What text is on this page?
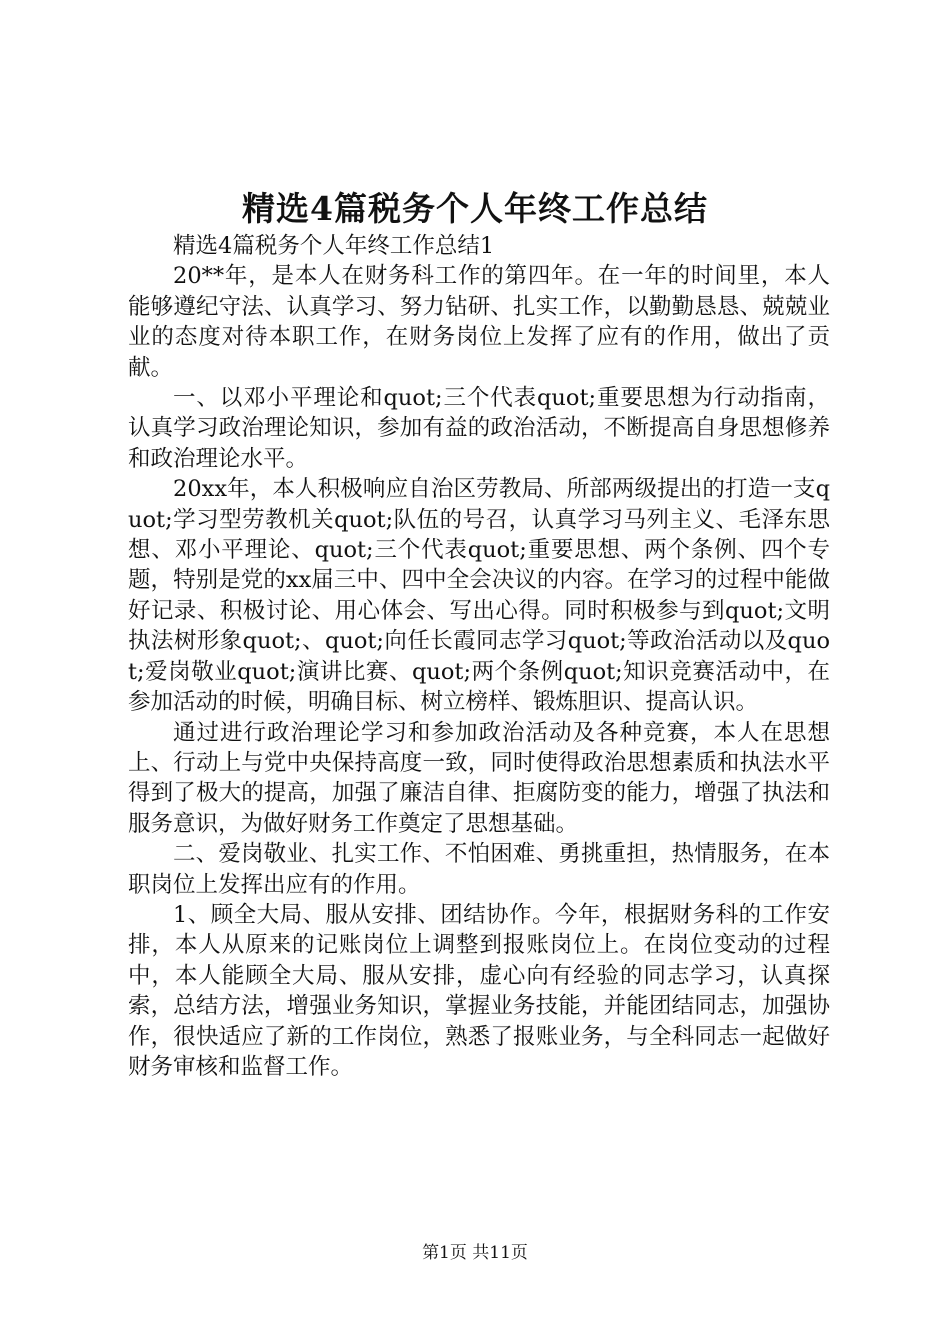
精选4篇税务个人年终工作总结

精选4篇税务个人年终工作总结1

20**年，是本人在财务科工作的第四年。在一年的时间里，本人能够遵纪守法、认真学习、努力钻研、扎实工作，以勤勤恳恳、兢兢业业的态度对待本职工作，在财务岗位上发挥了应有的作用，做出了贡献。

一、以邓小平理论和quot;三个代表quot;重要思想为行动指南，认真学习政治理论知识，参加有益的政治活动，不断提高自身思想修养和政治理论水平。

20xx年，本人积极响应自治区劳教局、所部两级提出的打造一支quot;学习型劳教机关quot;队伍的号召，认真学习马列主义、毛泽东思想、邓小平理论、quot;三个代表quot;重要思想、两个条例、四个专题，特别是党的xx届三中、四中全会决议的内容。在学习的过程中能做好记录、积极讨论、用心体会、写出心得。同时积极参与到quot;文明执法树形象quot;、quot;向任长霞同志学习quot;等政治活动以及quot;爱岗敬业quot;演讲比赛、quot;两个条例quot;知识竞赛活动中，在参加活动的时候，明确目标、树立榜样、锻炼胆识、提高认识。

通过进行政治理论学习和参加政治活动及各种竞赛，本人在思想上、行动上与党中央保持高度一致，同时使得政治思想素质和执法水平得到了极大的提高，加强了廉洁自律、拒腐防变的能力，增强了执法和服务意识，为做好财务工作奠定了思想基础。

二、爱岗敬业、扎实工作、不怕困难、勇挑重担，热情服务，在本职岗位上发挥出应有的作用。

1、顾全大局、服从安排、团结协作。今年，根据财务科的工作安排，本人从原来的记账岗位上调整到报账岗位上。在岗位变动的过程中，本人能顾全大局、服从安排，虚心向有经验的同志学习，认真探索，总结方法，增强业务知识，掌握业务技能，并能团结同志，加强协作，很快适应了新的工作岗位，熟悉了报账业务，与全科同志一起做好财务审核和监督工作。

第1页 共11页
